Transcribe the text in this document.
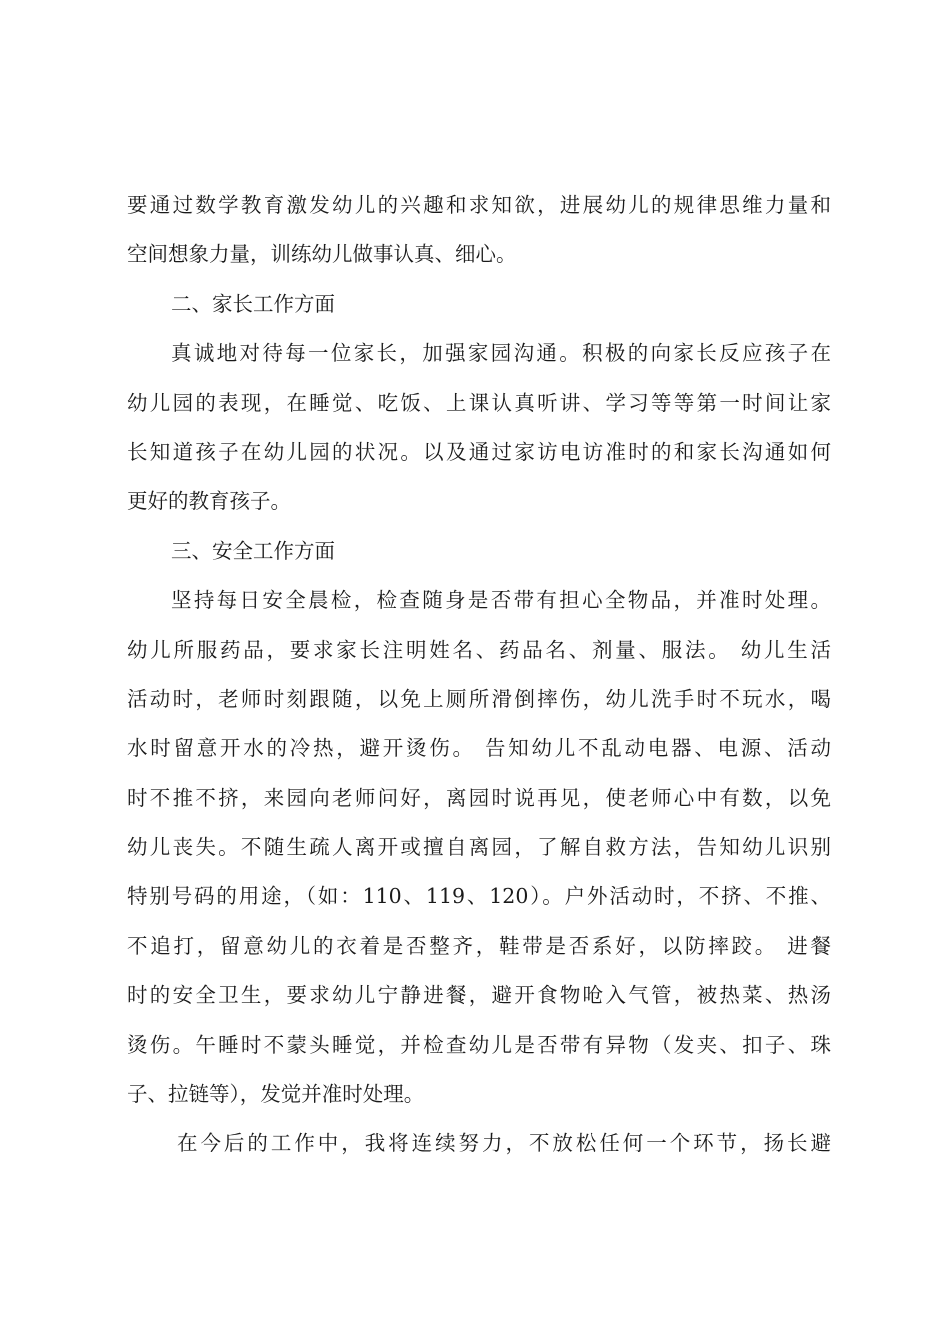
要通过数学教育激发幼儿的兴趣和求知欲，进展幼儿的规律思维力量和
空间想象力量，训练幼儿做事认真、细心。
二、家长工作方面
真诚地对待每一位家长，加强家园沟通。积极的向家长反应孩子在
幼儿园的表现，在睡觉、吃饭、上课认真听讲、学习等等第一时间让家
长知道孩子在幼儿园的状况。以及通过家访电访准时的和家长沟通如何
更好的教育孩子。
三、安全工作方面
坚持每日安全晨检，检查随身是否带有担心全物品，并准时处理。
幼儿所服药品，要求家长注明姓名、药品名、剂量、服法。 幼儿生活
活动时，老师时刻跟随，以免上厕所滑倒摔伤，幼儿洗手时不玩水，喝
水时留意开水的冷热，避开烫伤。 告知幼儿不乱动电器、电源、活动
时不推不挤，来园向老师问好，离园时说再见，使老师心中有数，以免
幼儿丧失。不随生疏人离开或擅自离园，了解自救方法，告知幼儿识别
特别号码的用途，（如：110、119、120）。户外活动时，不挤、不推、
不追打，留意幼儿的衣着是否整齐，鞋带是否系好，以防摔跤。 进餐
时的安全卫生，要求幼儿宁静进餐，避开食物呛入气管，被热菜、热汤
烫伤。午睡时不蒙头睡觉，并检查幼儿是否带有异物（发夹、扣子、珠
子、拉链等），发觉并准时处理。
在今后的工作中，我将连续努力，不放松任何一个环节，扬长避
